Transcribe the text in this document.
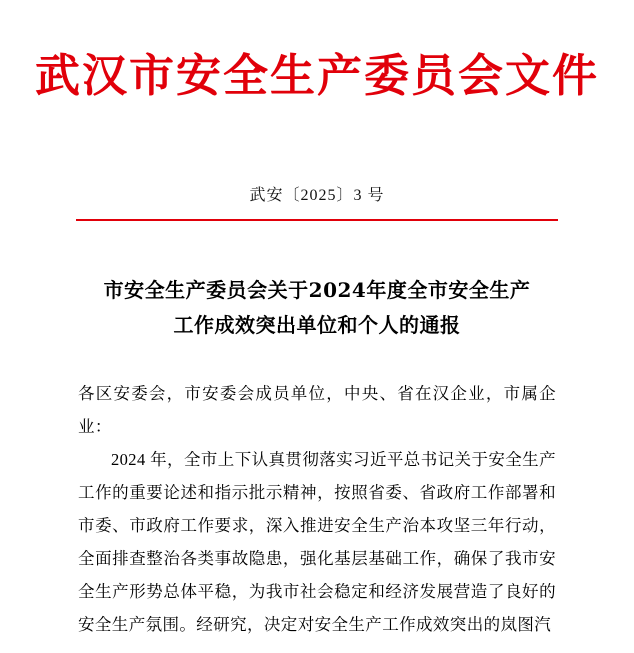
武汉市安全生产委员会文件
武安〔2025〕3 号
市安全生产委员会关于2024年度全市安全生产
工作成效突出单位和个人的通报

各区安委会，市安委会成员单位，中央、省在汉企业，市属企业：

2024 年，全市上下认真贯彻落实习近平总书记关于安全生产工作的重要论述和指示批示精神，按照省委、省政府工作部署和市委、市政府工作要求，深入推进安全生产治本攻坚三年行动，全面排查整治各类事故隐患，强化基层基础工作，确保了我市安全生产形势总体平稳，为我市社会稳定和经济发展营造了良好的安全生产氛围。经研究，决定对安全生产工作成效突出的岚图汽
